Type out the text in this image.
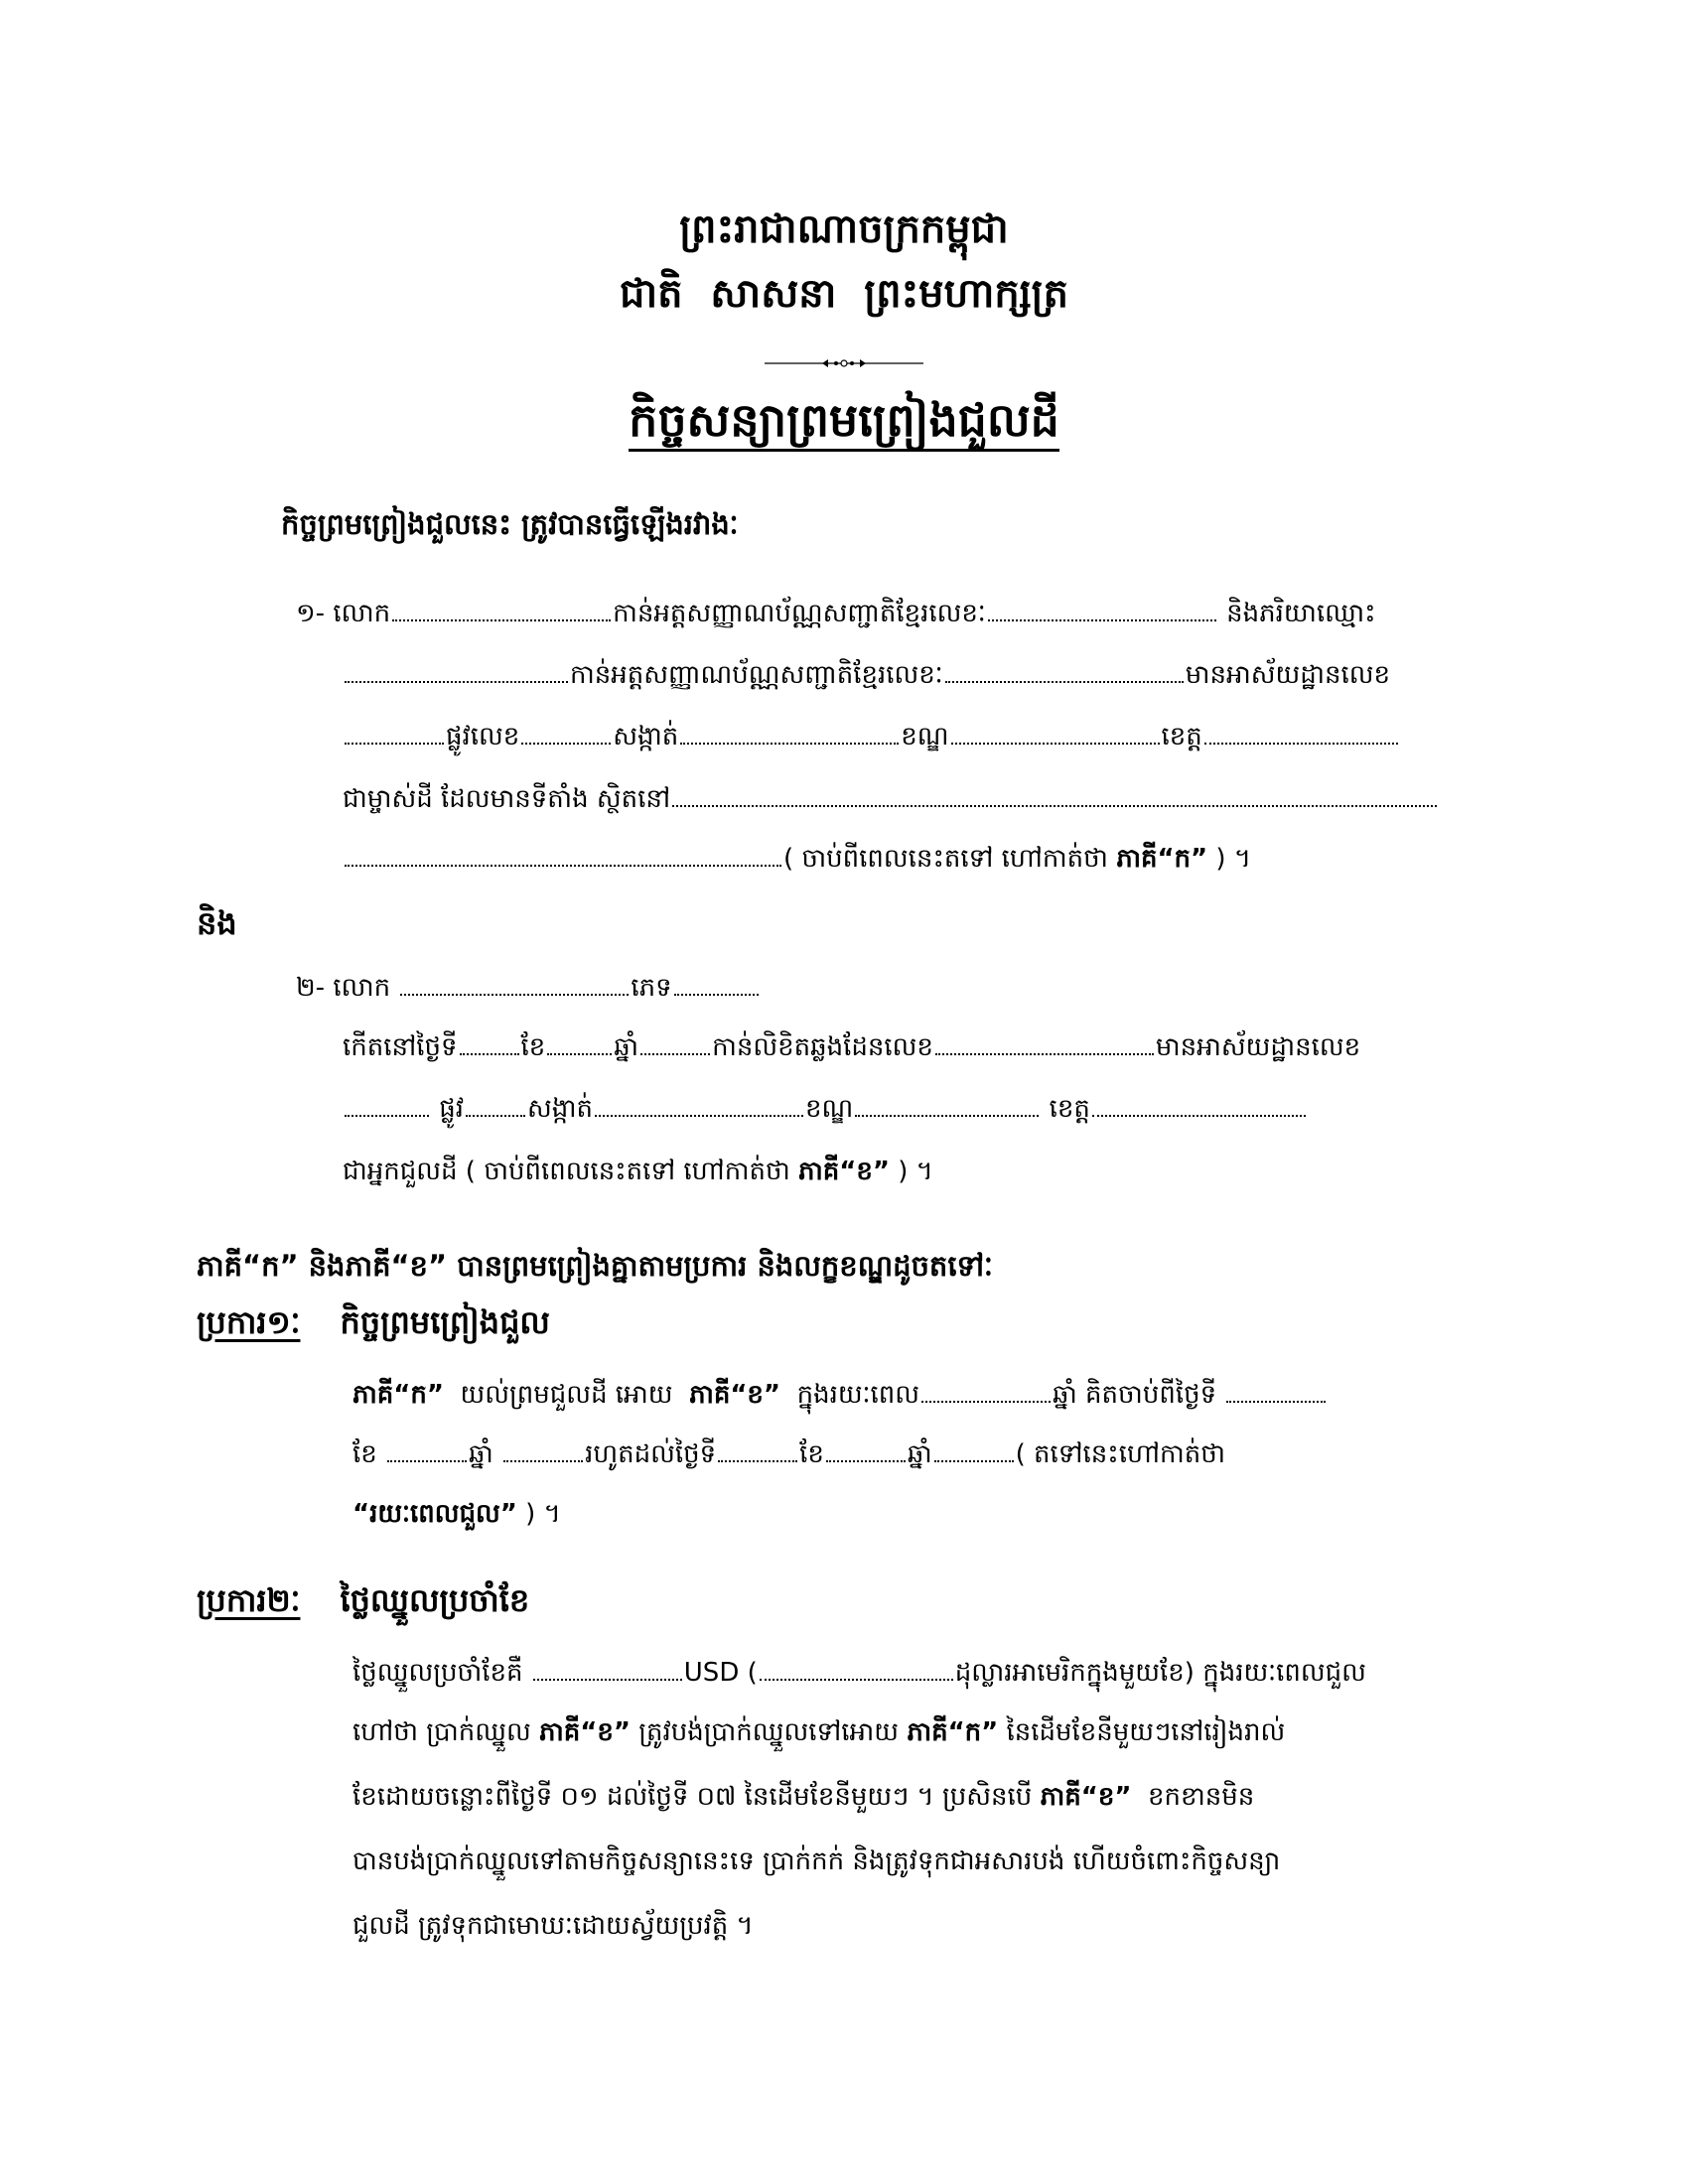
ព្រះរាជាណាចក្រកម្ពុជា
ជាតិ សាសនា ព្រះមហាក្សត្រ
កិច្ចសន្យាព្រមព្រៀងជួលដី
កិច្ចព្រមព្រៀងជួលនេះ ត្រូវបានធ្វើឡើងរវាងៈ
១- លោក	កាន់អត្តសញ្ញាណប័ណ្ណសញ្ជាតិខ្មែរលេខៈ	និងភរិយាឈ្មោះ
កាន់អត្តសញ្ញាណប័ណ្ណសញ្ជាតិខ្មែរលេខៈ	មានអាស័យដ្ឋានលេខ
ផ្លូវលេខ	សង្កាត់	ខណ្ឌ	ខេត្ត
ជាម្ចាស់ដី ដែលមានទីតាំង ស្ថិតនៅ
( ចាប់ពីពេលនេះតទៅ ហៅកាត់ថា ភាគី“ក” ) ។
និង
២- លោក	ភេទ
កើតនៅថ្ងៃទី ខែ	ឆ្នាំ	កាន់លិខិតឆ្លងដែនលេខ	មានអាស័យដ្ឋានលេខ
ផ្លូវ សង្កាត់	ខណ្ឌ	ខេត្ត
ជាអ្នកជួលដី ( ចាប់ពីពេលនេះតទៅ ហៅកាត់ថា ភាគី“ខ” ) ។
ភាគី“ក” និងភាគី“ខ” បានព្រមព្រៀងគ្នាតាមប្រការ និងលក្ខខណ្ឌដូចតទៅៈ
ប្រការ១ៈ កិច្ចព្រមព្រៀងជួល
ភាគី“ក” យល់ព្រមជួលដី អោយ ភាគី“ខ” ក្នុងរយៈពេល	ឆ្នាំ គិតចាប់ពីថ្ងៃទី
ខែ	ឆ្នាំ	រហូតដល់ថ្ងៃទី	ខែ	ឆ្នាំ	( តទៅនេះហៅកាត់ថា
“រយៈពេលជួល” ) ។
ប្រការ២ៈ ថ្លៃឈ្នួលប្រចាំខែ
ថ្លៃឈ្នួលប្រចាំខែគឺ	USD (	ដុល្លារអាមេរិកក្នុងមួយខែ) ក្នុងរយៈពេលជួល
ហៅថា ប្រាក់ឈ្នួល ភាគី“ខ” ត្រូវបង់ប្រាក់ឈ្នួលទៅអោយ ភាគី“ក” នៃដើមខែនីមួយៗនៅរៀងរាល់
ខែដោយចន្លោះពីថ្ងៃទី ០១ ដល់ថ្ងៃទី ០៧ នៃដើមខែនីមួយៗ ។ ប្រសិនបើ ភាគី“ខ” ខកខានមិន
បានបង់ប្រាក់ឈ្នួលទៅតាមកិច្ចសន្យានេះទេ ប្រាក់កក់ និងត្រូវទុកជាអសារបង់ ហើយចំពោះកិច្ចសន្យា
ជួលដី ត្រូវទុកជាមោឃៈដោយស្វ័យប្រវត្តិ ។
